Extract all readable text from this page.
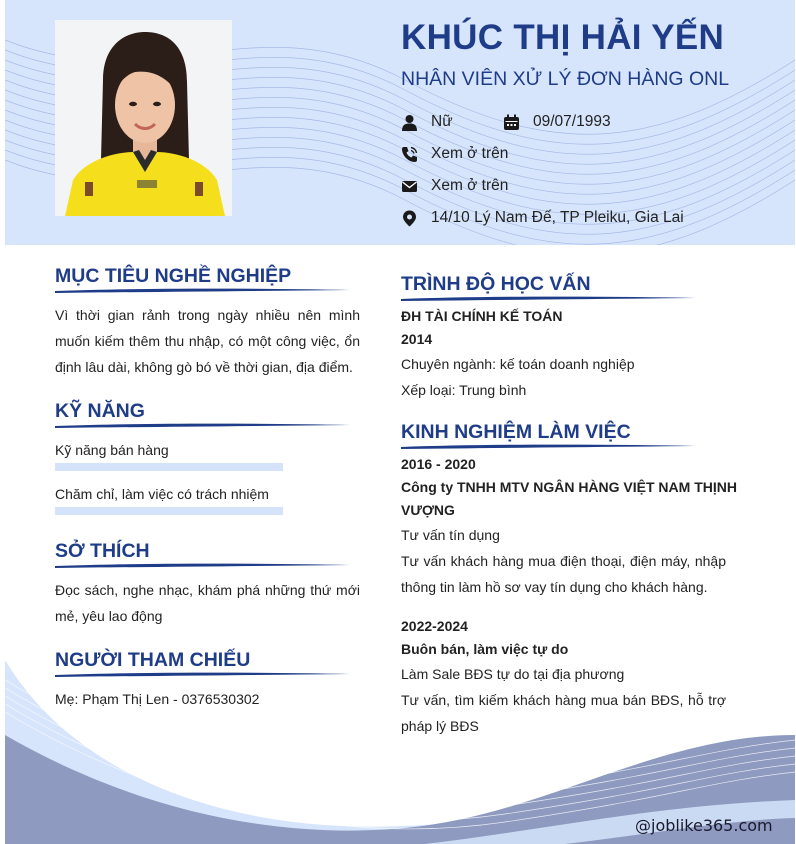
KHÚC THỊ HẢI YẾN
NHÂN VIÊN XỬ LÝ ĐƠN HÀNG ONL
Nữ	09/07/1993
Xem ở trên
Xem ở trên
14/10 Lý Nam Đế, TP Pleiku, Gia Lai
MỤC TIÊU NGHỀ NGHIỆP
Vì thời gian rảnh trong ngày nhiều nên mình muốn kiếm thêm thu nhập, có một công việc, ổn định lâu dài, không gò bó về thời gian, địa điểm.
KỸ NĂNG
Kỹ năng bán hàng
Chăm chỉ, làm việc có trách nhiệm
SỞ THÍCH
Đọc sách, nghe nhạc, khám phá những thứ mới mẻ, yêu lao động
NGƯỜI THAM CHIẾU
Mẹ: Phạm Thị Len - 0376530302
TRÌNH ĐỘ HỌC VẤN
ĐH TÀI CHÍNH KẾ TOÁN
2014
Chuyên ngành: kế toán doanh nghiệp
Xếp loại: Trung bình
KINH NGHIỆM LÀM VIỆC
2016 - 2020
Công ty TNHH MTV NGÂN HÀNG VIỆT NAM THỊNH
VƯỢNG
Tư vấn tín dụng
Tư vấn khách hàng mua điện thoại, điện máy, nhập thông tin làm hồ sơ vay tín dụng cho khách hàng.
2022-2024
Buôn bán, làm việc tự do
Làm Sale BĐS tự do tại địa phương
Tư vấn, tìm kiếm khách hàng mua bán BĐS, hỗ trợ pháp lý BĐS
@joblike365.com
